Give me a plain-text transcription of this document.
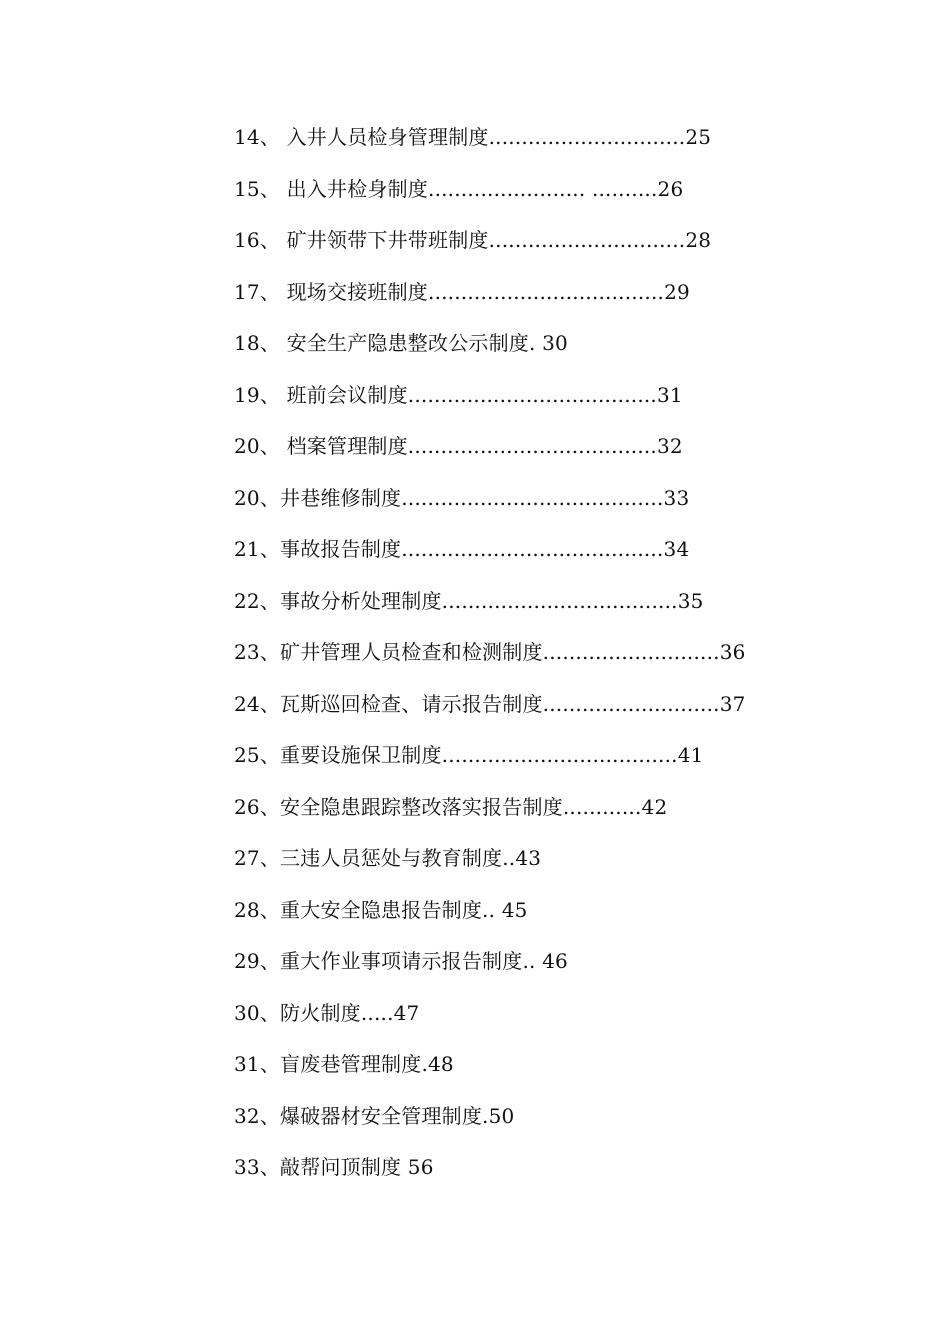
14、 入井人员检身管理制度..............................25
15、 出入井检身制度........................ ..........26
16、 矿井领带下井带班制度..............................28
17、 现场交接班制度....................................29
18、 安全生产隐患整改公示制度. 30
19、 班前会议制度......................................31
20、 档案管理制度......................................32
20、井巷维修制度........................................33
21、事故报告制度........................................34
22、事故分析处理制度....................................35
23、矿井管理人员检查和检测制度...........................36
24、瓦斯巡回检查、请示报告制度...........................37
25、重要设施保卫制度....................................41
26、安全隐患跟踪整改落实报告制度............42
27、三违人员惩处与教育制度..43
28、重大安全隐患报告制度.. 45
29、重大作业事项请示报告制度.. 46
30、防火制度.....47
31、盲废巷管理制度.48
32、爆破器材安全管理制度.50
33、敲帮问顶制度 56
